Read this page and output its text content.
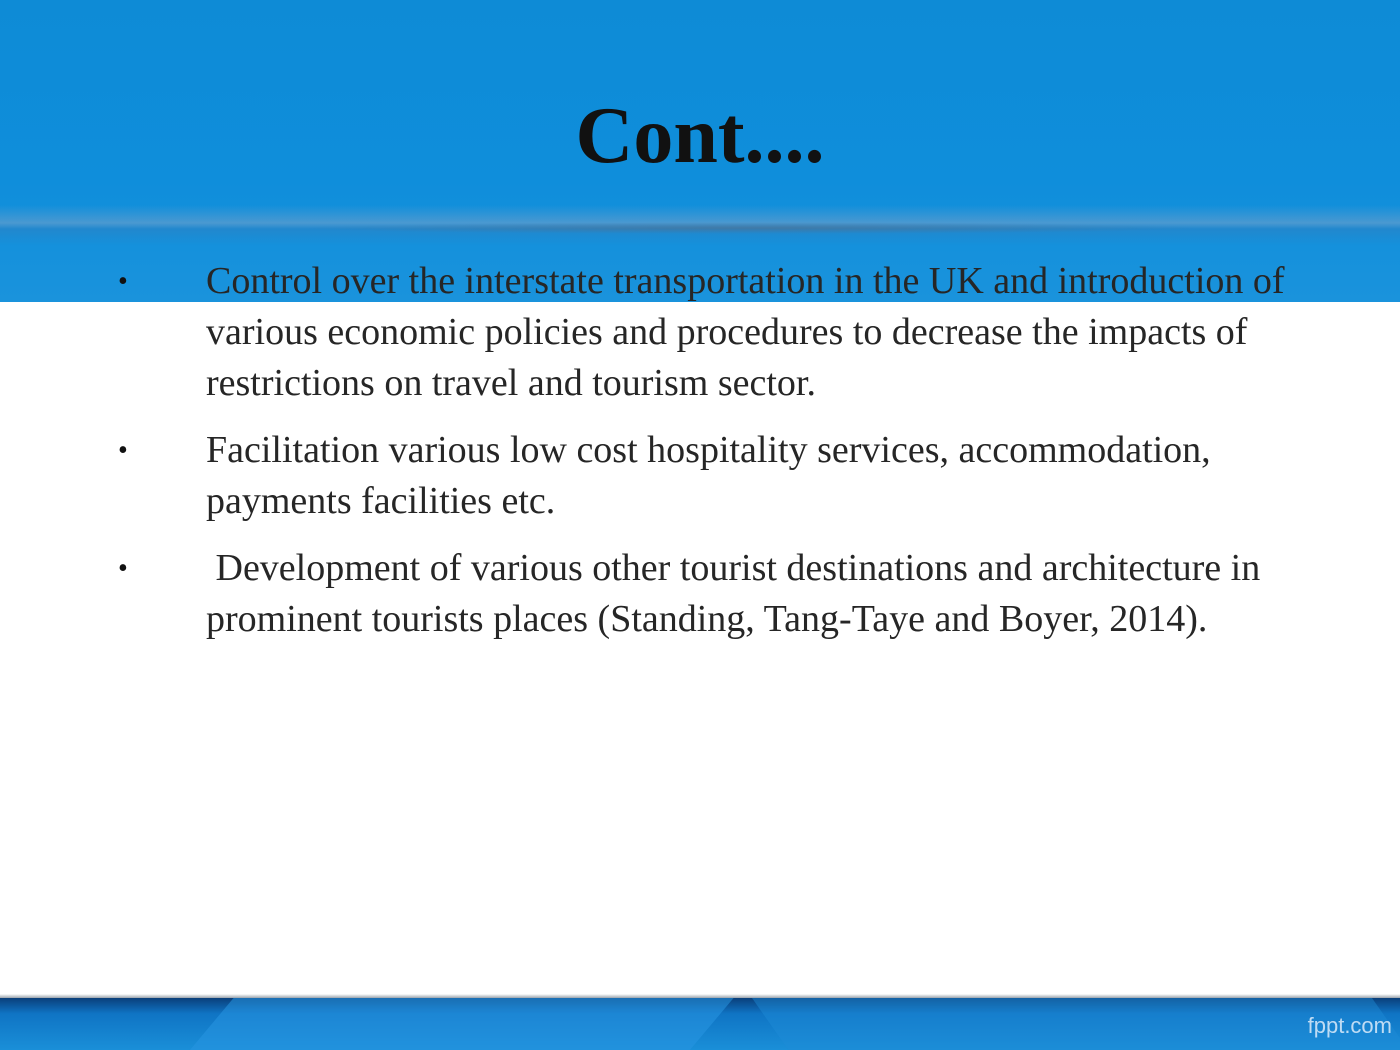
Cont....
• Control over the interstate transportation in the UK and introduction of various economic policies and procedures to decrease the impacts of restrictions on travel and tourism sector.
• Facilitation various low cost hospitality services, accommodation, payments facilities etc.
• Development of various other tourist destinations and architecture in prominent tourists places (Standing, Tang-Taye and Boyer, 2014).
fppt.com
